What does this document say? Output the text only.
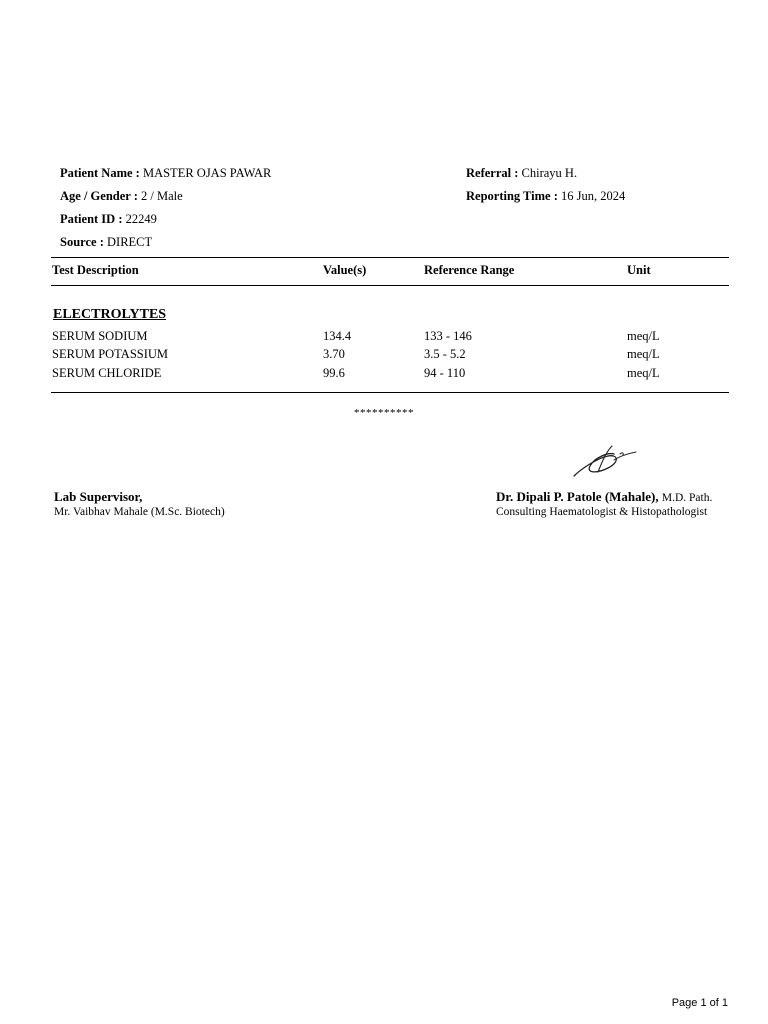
Patient Name : MASTER OJAS PAWAR
Age / Gender : 2 / Male
Patient ID : 22249
Source : DIRECT
Referral : Chirayu H.
Reporting Time : 16 Jun, 2024
Test Description	Value(s)	Reference Range	Unit
ELECTROLYTES
SERUM SODIUM	134.4	133 - 146	meq/L
SERUM POTASSIUM	3.70	3.5 - 5.2	meq/L
SERUM CHLORIDE	99.6	94 - 110	meq/L
**********
Lab Supervisor,
Mr. Vaibhav Mahale (M.Sc. Biotech)
Dr. Dipali P. Patole (Mahale), M.D. Path.
Consulting Haematologist & Histopathologist
Page 1 of 1
